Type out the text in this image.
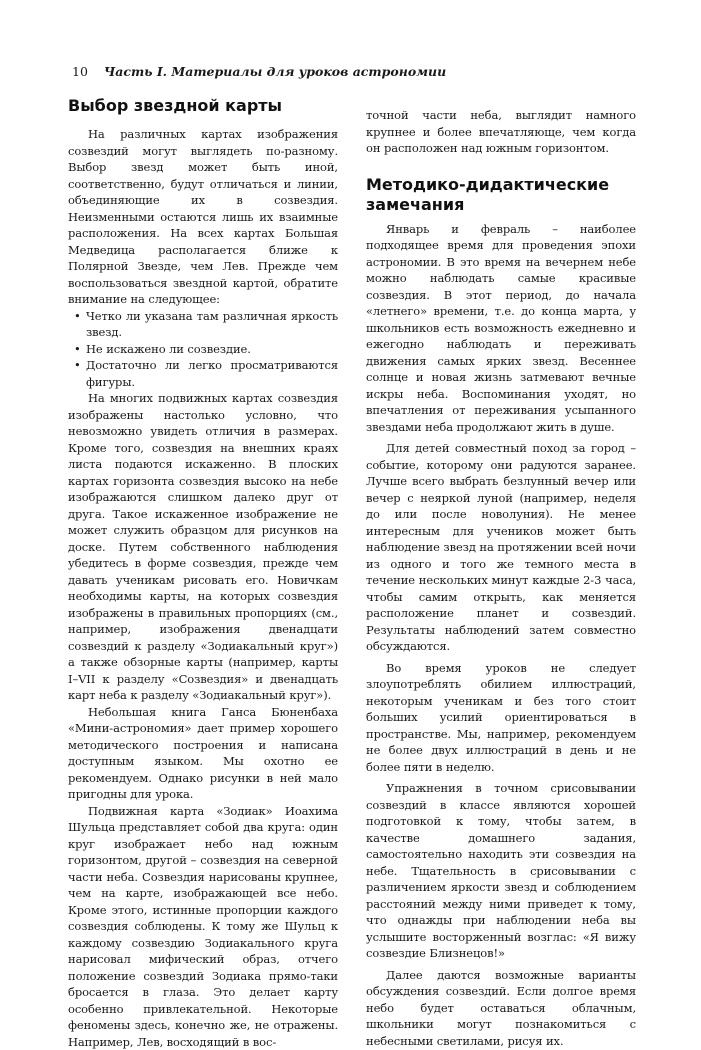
10 Часть I. Материалы для уроков астрономии
Выбор звездной карты

На различных картах изображения созвездий могут выглядеть по-разному. Выбор звезд может быть иной, соответственно, будут отличаться и линии, объединяющие их в созвездия. Неизменными остаются лишь их взаимные расположения. На всех картах Большая Медведица располагается ближе к Полярной Звезде, чем Лев. Прежде чем воспользоваться звездной картой, обратите внимание на следующее:

• Четко ли указана там различная яркость звезд.
• Не искажено ли созвездие.
• Достаточно ли легко просматриваются фигуры.

На многих подвижных картах созвездия изображены настолько условно, что невозможно увидеть отличия в размерах. Кроме того, созвездия на внешних краях листа подаются искаженно. В плоских картах горизонта созвездия высоко на небе изображаются слишком далеко друг от друга. Такое искаженное изображение не может служить образцом для рисунков на доске. Путем собственного наблюдения убедитесь в форме созвездия, прежде чем давать ученикам рисовать его. Новичкам необходимы карты, на которых созвездия изображены в правильных пропорциях (см., например, изображения двенадцати созвездий к разделу «Зодиакальный круг») а также обзорные карты (например, карты I–VII к разделу «Созвездия» и двенадцать карт неба к разделу «Зодиакальный круг»).

Небольшая книга Ганса Бюненбаха «Мини-астрономия» дает пример хорошего методического построения и написана доступным языком. Мы охотно ее рекомендуем. Однако рисунки в ней мало пригодны для урока.

Подвижная карта «Зодиак» Иоахима Шульца представляет собой два круга: один круг изображает небо над южным горизонтом, другой – созвездия на северной части неба. Созвездия нарисованы крупнее, чем на карте, изображающей все небо. Кроме этого, истинные пропорции каждого созвездия соблюдены. К тому же Шульц к каждому созвездию Зодиакального круга нарисовал мифический образ, отчего положение созвездий Зодиака прямо-таки бросается в глаза. Это делает карту особенно привлекательной. Некоторые феномены здесь, конечно же, не отражены. Например, Лев, восходящий в вос-

точной части неба, выглядит намного крупнее и более впечатляюще, чем когда он расположен над южным горизонтом.

Методико-дидактические замечания

Январь и февраль – наиболее подходящее время для проведения эпохи астрономии. В это время на вечернем небе можно наблюдать самые красивые созвездия. В этот период, до начала «летнего» времени, т.е. до конца марта, у школьников есть возможность ежедневно и ежегодно наблюдать и переживать движения самых ярких звезд. Весеннее солнце и новая жизнь затмевают вечные искры неба. Воспоминания уходят, но впечатления от переживания усыпанного звездами неба продолжают жить в душе.

Для детей совместный поход за город – событие, которому они радуются заранее. Лучше всего выбрать безлунный вечер или вечер с неяркой луной (например, неделя до или после новолуния). Не менее интересным для учеников может быть наблюдение звезд на протяжении всей ночи из одного и того же темного места в течение нескольких минут каждые 2-3 часа, чтобы самим открыть, как меняется расположение планет и созвездий. Результаты наблюдений затем совместно обсуждаются.

Во время уроков не следует злоупотреблять обилием иллюстраций, некоторым ученикам и без того стоит больших усилий ориентироваться в пространстве. Мы, например, рекомендуем не более двух иллюстраций в день и не более пяти в неделю.

Упражнения в точном срисовывании созвездий в классе являются хорошей подготовкой к тому, чтобы затем, в качестве домашнего задания, самостоятельно находить эти созвездия на небе. Тщательность в срисовывании с различением яркости звезд и соблюдением расстояний между ними приведет к тому, что однажды при наблюдении неба вы услышите восторженный возглас: «Я вижу созвездие Близнецов!»

Далее даются возможные варианты обсуждения созвездий. Если долгое время небо будет оставаться облачным, школьники могут познакомиться с небесными светилами, рисуя их.
